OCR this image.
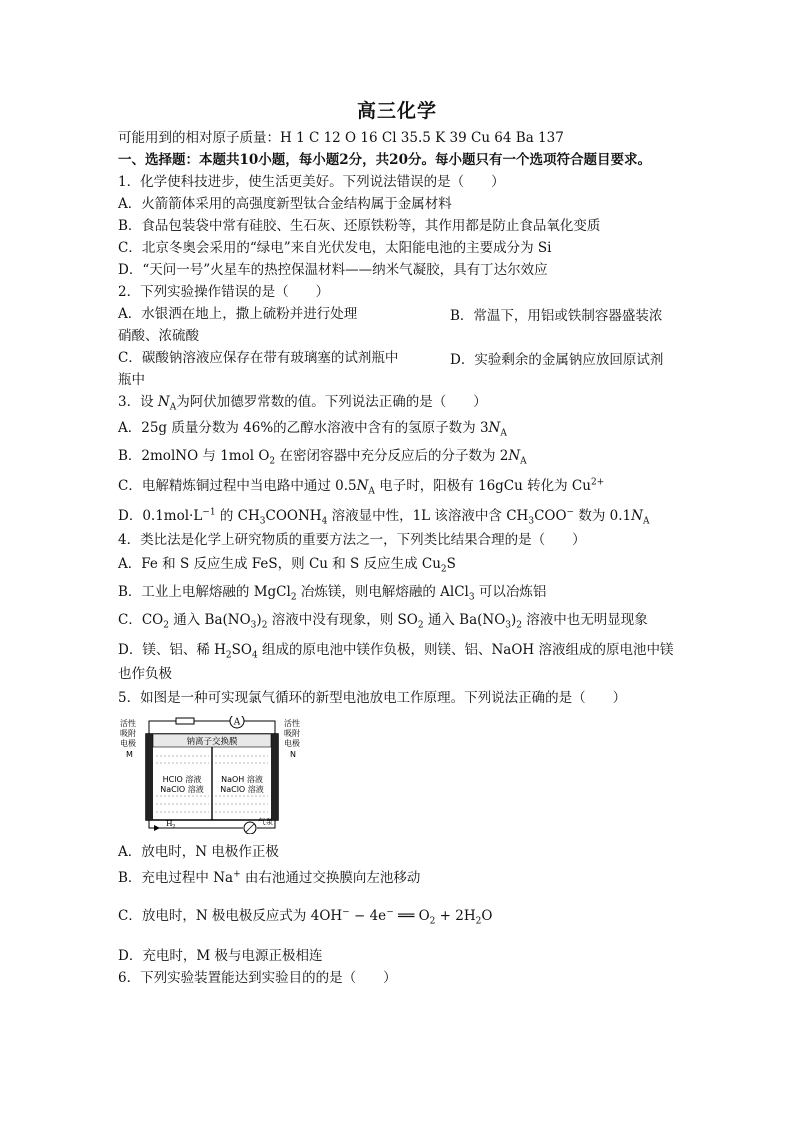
高三化学
可能用到的相对原子质量：H 1 C 12 O 16 Cl 35.5 K 39 Cu 64 Ba 137
一、选择题：本题共10小题，每小题2分，共20分。每小题只有一个选项符合题目要求。
1．化学使科技进步，使生活更美好。下列说法错误的是（　　）
A．火箭箭体采用的高强度新型钛合金结构属于金属材料
B．食品包装袋中常有硅胶、生石灰、还原铁粉等，其作用都是防止食品氧化变质
C．北京冬奥会采用的“绿电”来自光伏发电，太阳能电池的主要成分为 Si
D．“天问一号”火星车的热控保温材料——纳米气凝胶，具有丁达尔效应
2．下列实验操作错误的是（　　）
A．水银洒在地上，撒上硫粉并进行处理	B．常温下，用铝或铁制容器盛装浓
硝酸、浓硫酸
C．碳酸钠溶液应保存在带有玻璃塞的试剂瓶中	D．实验剩余的金属钠应放回原试剂
瓶中
3．设 $N_A$为阿伏加德罗常数的值。下列说法正确的是（　　）
A．25g 质量分数为 46%的乙醇水溶液中含有的氢原子数为 $3N_A$
B．2molNO 与 1mol $O_2$ 在密闭容器中充分反应后的分子数为 $2N_A$
C．电解精炼铜过程中当电路中通过 $0.5N_A$ 电子时，阳极有 16gCu 转化为 $Cu^{2+}$
D．$0.1mol\cdot L^{-1}$ 的 $CH_3COONH_4$ 溶液显中性，1L 该溶液中含 $CH_3COO^-$ 数为 $0.1N_A$
4．类比法是化学上研究物质的重要方法之一，下列类比结果合理的是（　　）
A．Fe 和 S 反应生成 FeS，则 Cu 和 S 反应生成 $Cu_2S$
B．工业上电解熔融的 MgCl$_2$ 冶炼镁，则电解熔融的 AlCl$_3$ 可以冶炼铝
C．$CO_2$ 通入 $Ba(NO_3)_2$ 溶液中没有现象，则 $SO_2$ 通入 $Ba(NO_3)_2$ 溶液中也无明显现象
D．镁、铝、稀 $H_2SO_4$ 组成的原电池中镁作负极，则镁、铝、NaOH 溶液组成的原电池中镁
也作负极
5．如图是一种可实现氯气循环的新型电池放电工作原理。下列说法正确的是（　　）
A
钠离子交换膜
HClO 溶液
NaClO 溶液
NaOH 溶液
NaClO 溶液
活性
吸附
电极
M
活性
吸附
电极
N
H 2
气泵
A．放电时，N 电极作正极
B．充电过程中 Na+ 由右池通过交换膜向左池移动
C．放电时，N 极电极反应式为 4OH− − 4e− ══ $O_2 + 2H_2O$
D．充电时，M 极与电源正极相连
6．下列实验装置能达到实验目的的是（　　）
